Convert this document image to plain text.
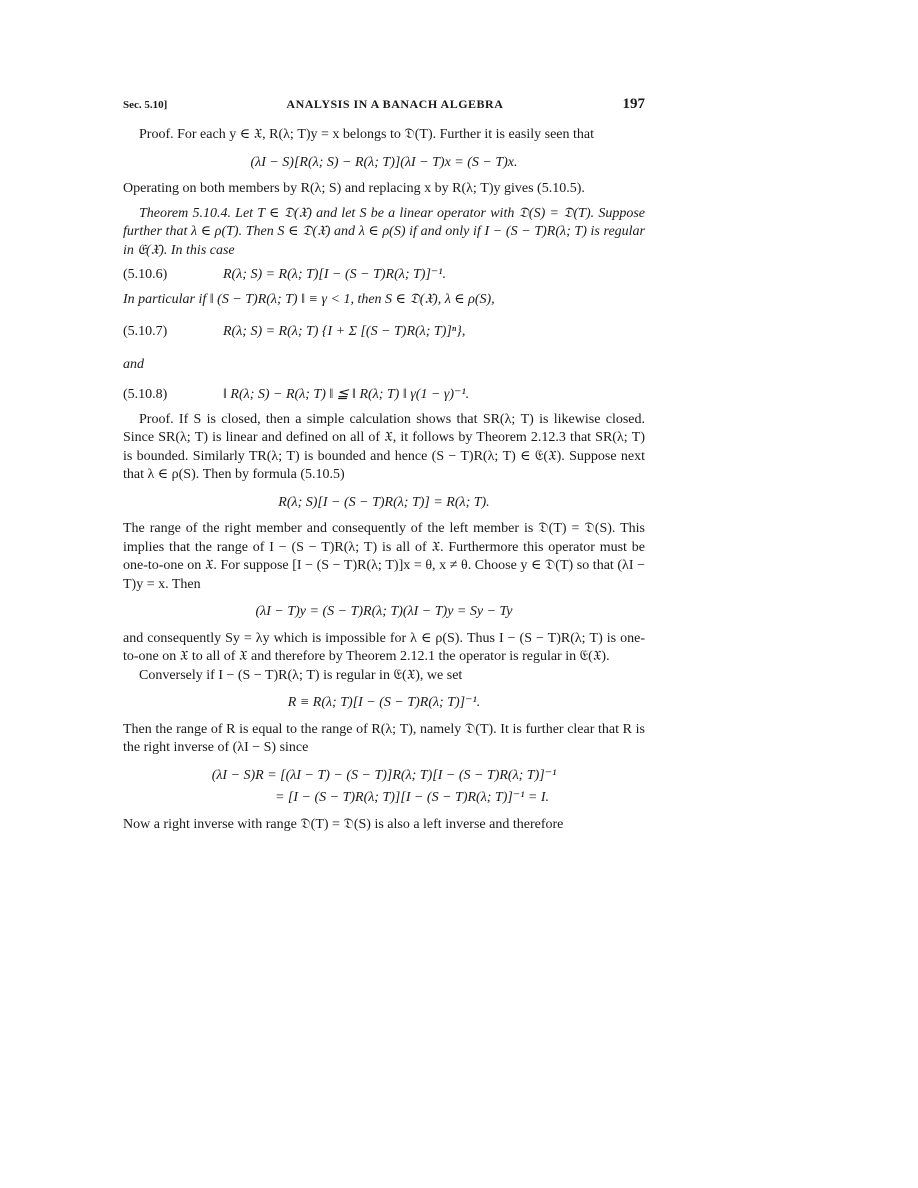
Sec. 5.10]	ANALYSIS IN A BANACH ALGEBRA	197

Proof. For each y ∈ 𝔛, R(λ; T)y = x belongs to 𝔇(T). Further it is easily seen that

(λI − S)[R(λ; S) − R(λ; T)](λI − T)x = (S − T)x.

Operating on both members by R(λ; S) and replacing x by R(λ; T)y gives (5.10.5).

Theorem 5.10.4. Let T ∈ 𝔇(𝔛) and let S be a linear operator with 𝔇(S) = 𝔇(T). Suppose further that λ ∈ ρ(T). Then S ∈ 𝔇(𝔛) and λ ∈ ρ(S) if and only if I − (S − T)R(λ; T) is regular in 𝔈(𝔛). In this case

(5.10.6)	R(λ; S) = R(λ; T)[I − (S − T)R(λ; T)]⁻¹.

In particular if ‖ (S − T)R(λ; T) ‖ ≡ γ < 1, then S ∈ 𝔇(𝔛), λ ∈ ρ(S),

(5.10.7)	R(λ; S) = R(λ; T) {I + Σ [(S − T)R(λ; T)]ⁿ},

and

(5.10.8)	‖ R(λ; S) − R(λ; T) ‖ ≦ ‖ R(λ; T) ‖ γ(1 − γ)⁻¹.

Proof. If S is closed, then a simple calculation shows that SR(λ; T) is likewise closed. Since SR(λ; T) is linear and defined on all of 𝔛, it follows by Theorem 2.12.3 that SR(λ; T) is bounded. Similarly TR(λ; T) is bounded and hence (S − T)R(λ; T) ∈ 𝔈(𝔛). Suppose next that λ ∈ ρ(S). Then by formula (5.10.5)

R(λ; S)[I − (S − T)R(λ; T)] = R(λ; T).

The range of the right member and consequently of the left member is 𝔇(T) = 𝔇(S). This implies that the range of I − (S − T)R(λ; T) is all of 𝔛. Furthermore this operator must be one-to-one on 𝔛. For suppose [I − (S − T)R(λ; T)]x = θ, x ≠ θ. Choose y ∈ 𝔇(T) so that (λI − T)y = x. Then

(λI − T)y = (S − T)R(λ; T)(λI − T)y = Sy − Ty

and consequently Sy = λy which is impossible for λ ∈ ρ(S). Thus I − (S − T)R(λ; T) is one-to-one on 𝔛 to all of 𝔛 and therefore by Theorem 2.12.1 the operator is regular in 𝔈(𝔛).

Conversely if I − (S − T)R(λ; T) is regular in 𝔈(𝔛), we set

R ≡ R(λ; T)[I − (S − T)R(λ; T)]⁻¹.

Then the range of R is equal to the range of R(λ; T), namely 𝔇(T). It is further clear that R is the right inverse of (λI − S) since

(λI − S)R = [(λI − T) − (S − T)]R(λ; T)[I − (S − T)R(λ; T)]⁻¹
= [I − (S − T)R(λ; T)][I − (S − T)R(λ; T)]⁻¹ = I.

Now a right inverse with range 𝔇(T) = 𝔇(S) is also a left inverse and therefore
